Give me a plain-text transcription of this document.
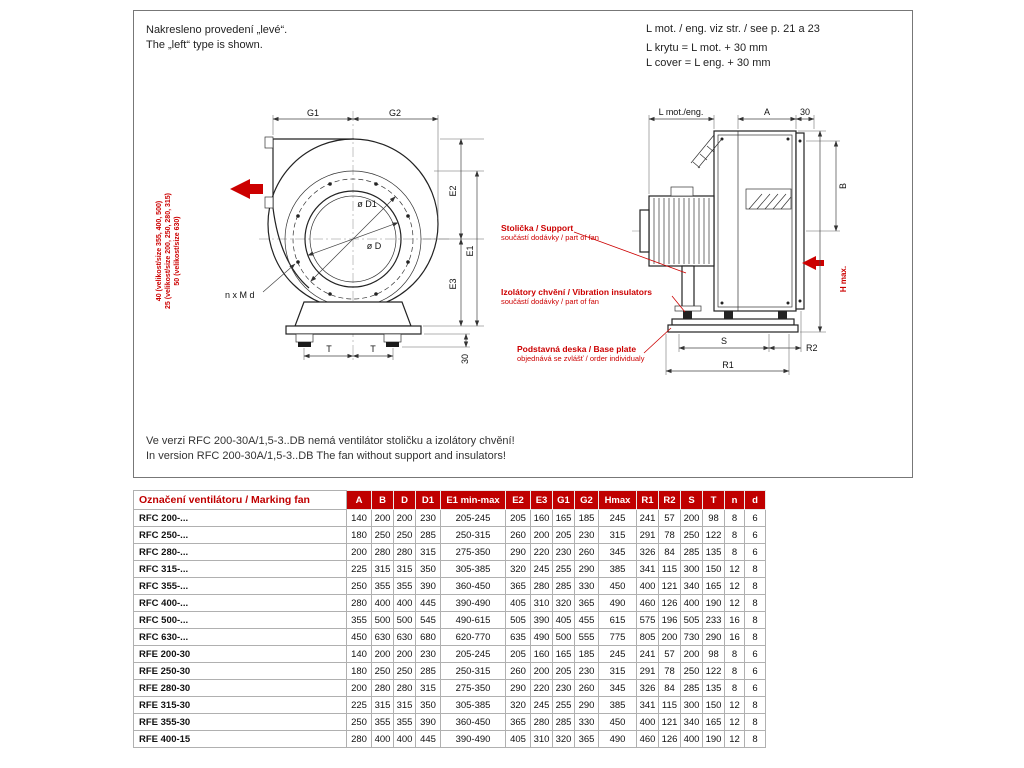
G1	G2
E2
E3
E1
ø D1
ø D
n x M d
T	T
30
40 (velikost/size 355, 400, 500) 25 (velikost/size 200, 250, 280, 315) 50 (velikost/size 630)
L mot./eng.	A	30
B
H max.
S
R2
R1
Nakresleno provedení „levé“.
The „left“ type is shown.
L mot. / eng. viz str. / see p. 21 a 23
L krytu = L mot. + 30 mm
L cover = L eng. + 30 mm
Ve verzi RFC 200-30A/1,5-3..DB nemá ventilátor stoličku a izolátory chvění!
In version RFC 200-30A/1,5-3..DB The fan without support and insulators!
Stolička / Support
součástí dodávky / part of fan
Izolátory chvění / Vibration insulators
součástí dodávky / part of fan
Podstavná deska / Base plate
objednává se zvlášť / order individualy
Označení ventilátoru / Marking fan	A	B	D	D1	E1 min-max	E2	E3	G1	G2	Hmax	R1	R2	S	T	n	d
RFC 200-...	140	200	200	230	205-245	205	160	165	185	245	241	57	200	98	8	6
RFC 250-...	180	250	250	285	250-315	260	200	205	230	315	291	78	250	122	8	6
RFC 280-...	200	280	280	315	275-350	290	220	230	260	345	326	84	285	135	8	6
RFC 315-...	225	315	315	350	305-385	320	245	255	290	385	341	115	300	150	12	8
RFC 355-...	250	355	355	390	360-450	365	280	285	330	450	400	121	340	165	12	8
RFC 400-...	280	400	400	445	390-490	405	310	320	365	490	460	126	400	190	12	8
RFC 500-...	355	500	500	545	490-615	505	390	405	455	615	575	196	505	233	16	8
RFC 630-...	450	630	630	680	620-770	635	490	500	555	775	805	200	730	290	16	8
RFE 200-30	140	200	200	230	205-245	205	160	165	185	245	241	57	200	98	8	6
RFE 250-30	180	250	250	285	250-315	260	200	205	230	315	291	78	250	122	8	6
RFE 280-30	200	280	280	315	275-350	290	220	230	260	345	326	84	285	135	8	6
RFE 315-30	225	315	315	350	305-385	320	245	255	290	385	341	115	300	150	12	8
RFE 355-30	250	355	355	390	360-450	365	280	285	330	450	400	121	340	165	12	8
RFE 400-15	280	400	400	445	390-490	405	310	320	365	490	460	126	400	190	12	8
